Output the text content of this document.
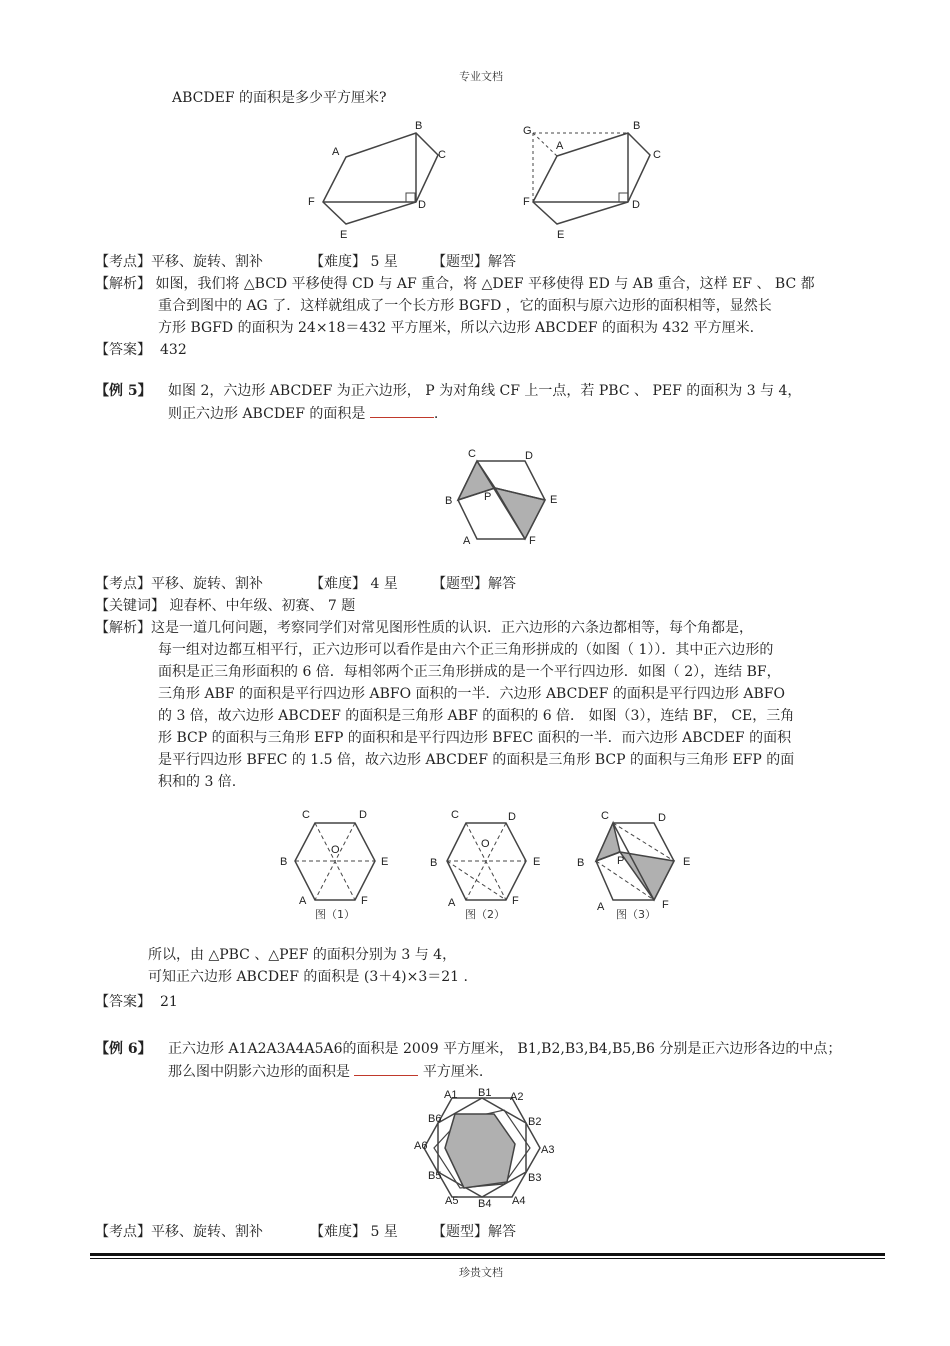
专业文档
ABCDEF 的面积是多少平方厘米?
A
B
C
D
E
F
G
A
B
C
D
E
F
【考点】平移、旋转、割补	【难度】 5 星 【题型】解答
【解析】 如图，我们将 △BCD 平移使得 CD 与 AF 重合，将 △DEF 平移使得 ED 与 AB 重合，这样 EF 、 BC 都
重合到图中的 AG 了．这样就组成了一个长方形 BGFD ，它的面积与原六边形的面积相等，显然长
方形 BGFD 的面积为 24×18＝432 平方厘米，所以六边形 ABCDEF 的面积为 432 平方厘米.
【答案】 432
【例 5】 如图 2，六边形 ABCDEF 为正六边形， P 为对角线 CF 上一点，若 PBC 、 PEF 的面积为 3 与 4，
则正六边形 ABCDEF 的面积是	.
A
B
C	D
E
F
P
【考点】平移、旋转、割补	【难度】 4 星 【题型】解答
【关键词】 迎春杯、中年级、初赛、 7 题
【解析】这是一道几何问题，考察同学们对常见图形性质的认识．正六边形的六条边都相等，每个角都是，
每一组对边都互相平行，正六边形可以看作是由六个正三角形拼成的（如图（ 1））．其中正六边形的
面积是正三角形面积的 6 倍．每相邻两个正三角形拼成的是一个平行四边形．如图（ 2），连结 BF，
三角形 ABF 的面积是平行四边形 ABFO 面积的一半．六边形 ABCDEF 的面积是平行四边形 ABFO
的 3 倍，故六边形 ABCDEF 的面积是三角形 ABF 的面积的 6 倍． 如图（3），连结 BF， CE，三角
形 BCP 的面积与三角形 EFP 的面积和是平行四边形 BFEC 面积的一半．而六边形 ABCDEF 的面积
是平行四边形 BFEC 的 1.5 倍，故六边形 ABCDEF 的面积是三角形 BCP 的面积与三角形 EFP 的面
积和的 3 倍.
C	D
B	E
A	F
O
图（1）
C	D
B	E
A	F
O
图（2）
C	D
B	E
A	F
P
图（3）
所以，由 △PBC 、△PEF 的面积分别为 3 与 4，
可知正六边形 ABCDEF 的面积是 (3＋4)×3＝21 .
【答案】 21
【例 6】 正六边形 A1A2A3A4A5A6的面积是 2009 平方厘米， B1,B2,B3,B4,B5,B6 分别是正六边形各边的中点；
那么图中阴影六边形的面积是	平方厘米.
A1	A2
A3
A4
A5
A6
B1
B2
B3
B4
B5
B6
【考点】平移、旋转、割补	【难度】 5 星 【题型】解答
珍贵文档
